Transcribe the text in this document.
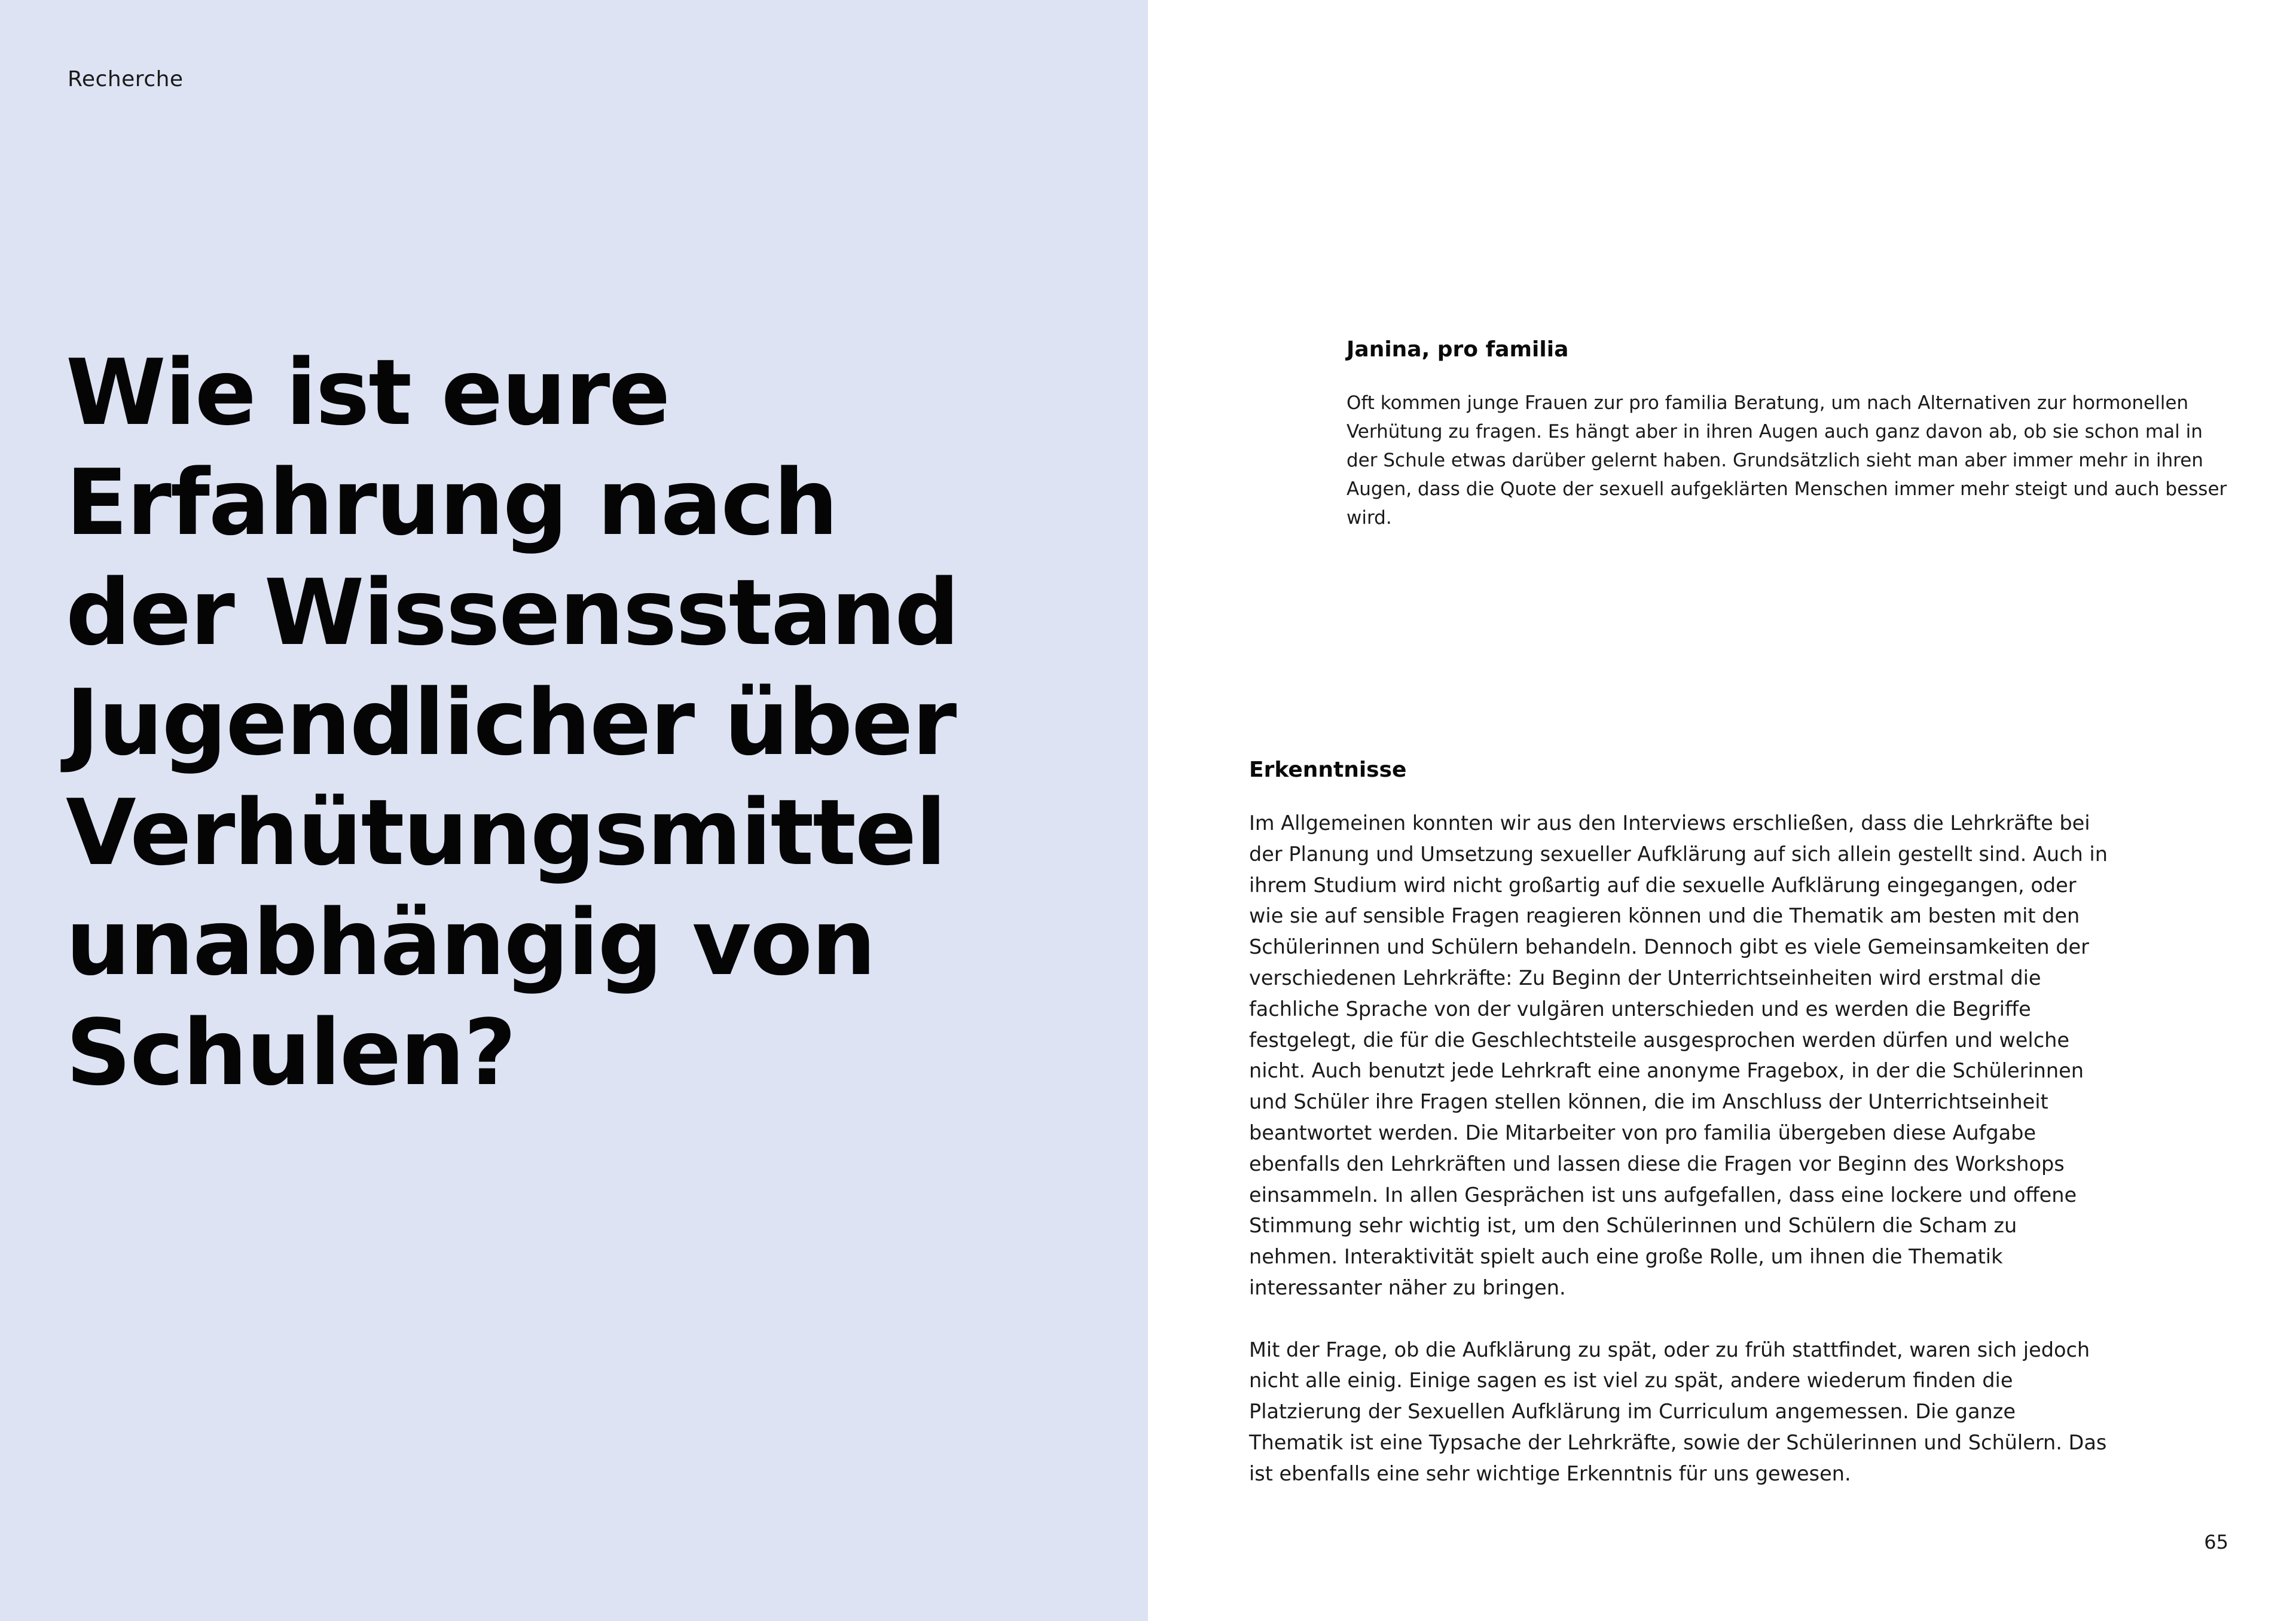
Recherche
Wie ist eure
Erfahrung nach
der Wissensstand
Jugendlicher über
Verhütungsmittel
unabhängig von
Schulen?

Janina, pro familia

Oft kommen junge Frauen zur pro familia Beratung, um nach Alternativen zur hormonellen Verhütung zu fragen. Es hängt aber in ihren Augen auch ganz davon ab, ob sie schon mal in der Schule etwas darüber gelernt haben. Grundsätzlich sieht man aber immer mehr in ihren Augen, dass die Quote der sexuell aufgeklärten Menschen immer mehr steigt und auch besser wird.

Erkenntnisse

Im Allgemeinen konnten wir aus den Interviews erschließen, dass die Lehrkräfte bei der Planung und Umsetzung sexueller Aufklärung auf sich allein gestellt sind. Auch in ihrem Studium wird nicht großartig auf die sexuelle Aufklärung eingegangen, oder wie sie auf sensible Fragen reagieren können und die Thematik am besten mit den Schülerinnen und Schülern behandeln. Dennoch gibt es viele Gemeinsamkeiten der verschiedenen Lehrkräfte: Zu Beginn der Unterrichtseinheiten wird erstmal die fachliche Sprache von der vulgären unterschieden und es werden die Begriffe festgelegt, die für die Geschlechtsteile ausgesprochen werden dürfen und welche nicht. Auch benutzt jede Lehrkraft eine anonyme Fragebox, in der die Schülerinnen und Schüler ihre Fragen stellen können, die im Anschluss der Unterrichtseinheit beantwortet werden. Die Mitarbeiter von pro familia übergeben diese Aufgabe ebenfalls den Lehrkräften und lassen diese die Fragen vor Beginn des Workshops einsammeln. In allen Gesprächen ist uns aufgefallen, dass eine lockere und offene Stimmung sehr wichtig ist, um den Schülerinnen und Schülern die Scham zu nehmen. Interaktivität spielt auch eine große Rolle, um ihnen die Thematik interessanter näher zu bringen.

Mit der Frage, ob die Aufklärung zu spät, oder zu früh stattfindet, waren sich jedoch nicht alle einig. Einige sagen es ist viel zu spät, andere wiederum finden die Platzierung der Sexuellen Aufklärung im Curriculum angemessen. Die ganze Thematik ist eine Typsache der Lehrkräfte, sowie der Schülerinnen und Schülern. Das ist ebenfalls eine sehr wichtige Erkenntnis für uns gewesen.

65
